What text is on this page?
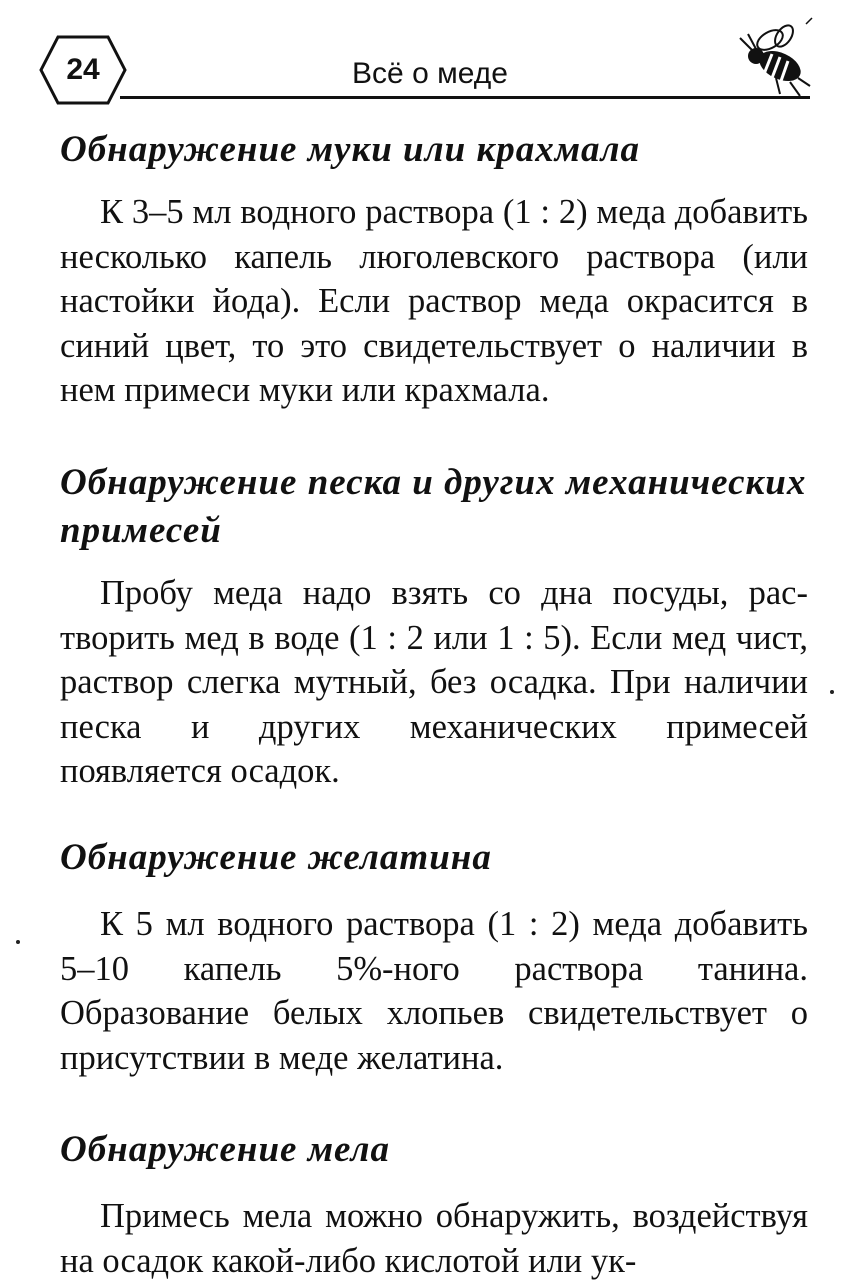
24	Всё о меде
Обнаружение муки или крахмала

К 3–5 мл водного раствора (1 : 2) меда добавить несколько капель люголевского раствора (или настойки йода). Если раствор меда окрасится в синий цвет, то это свидетельствует о наличии в нем примеси муки или крахмала.

Обнаружение песка и других механических примесей

Пробу меда надо взять со дна посуды, растворить мед в воде (1 : 2 или 1 : 5). Если мед чист, раствор слегка мутный, без осадка. При наличии песка и других механических примесей появляется осадок.

Обнаружение желатина

К 5 мл водного раствора (1 : 2) меда добавить 5–10 капель 5%-ного раствора танина. Образование белых хлопьев свидетельствует о присутствии в меде желатина.

Обнаружение мела

Примесь мела можно обнаружить, воздействуя на осадок какой-либо кислотой или ук-
